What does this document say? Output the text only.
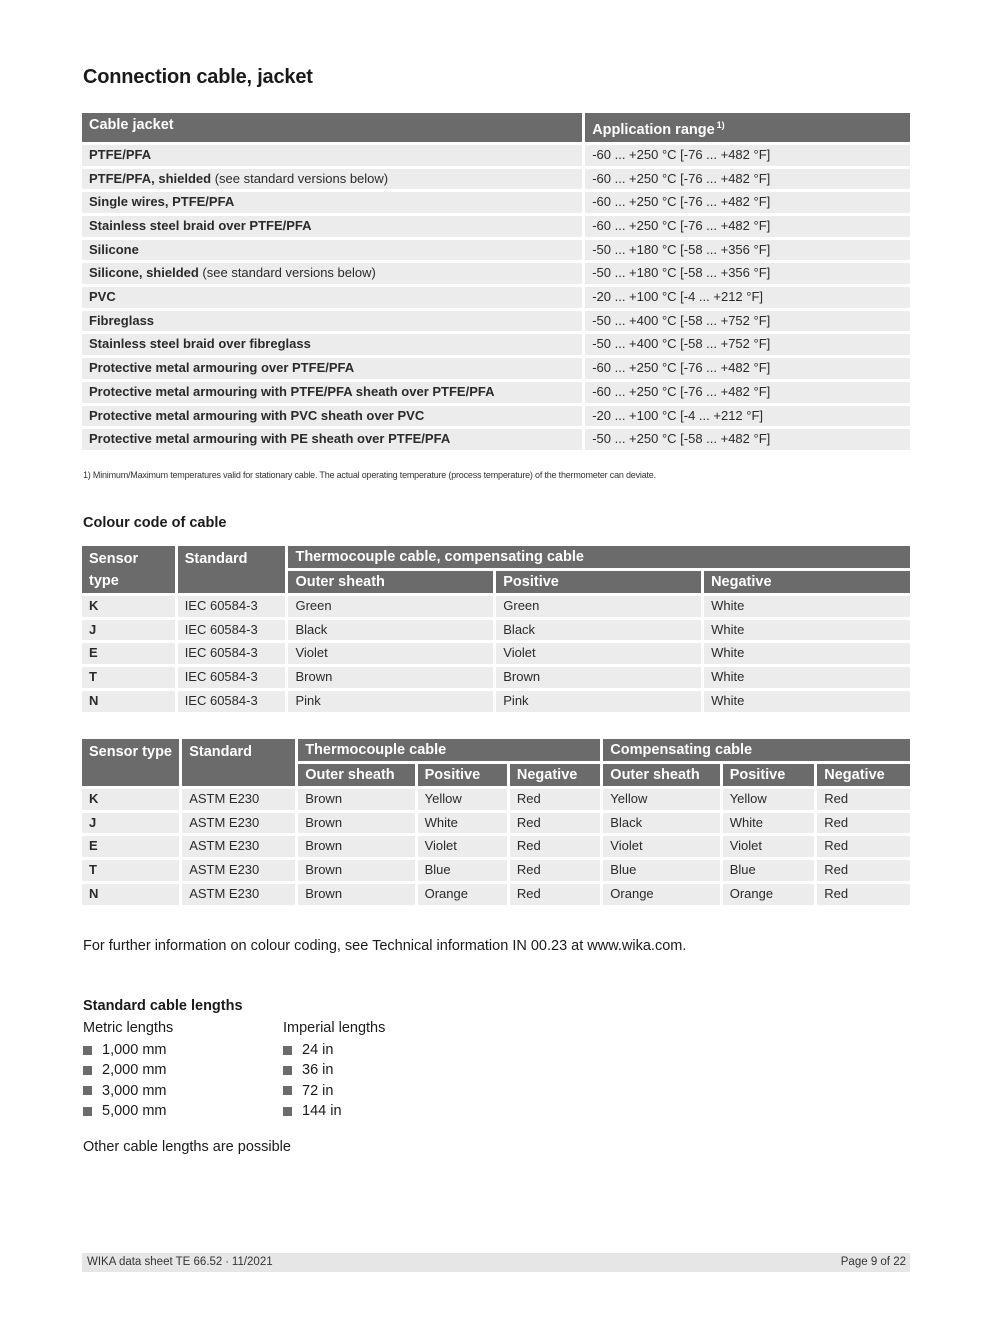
Connection cable, jacket
Cable jacket	Application range $^{1)}$
PTFE/PFA	-60 ... +250 °C [-76 ... +482 °F]
PTFE/PFA, shielded (see standard versions below)	-60 ... +250 °C [-76 ... +482 °F]
Single wires, PTFE/PFA	-60 ... +250 °C [-76 ... +482 °F]
Stainless steel braid over PTFE/PFA	-60 ... +250 °C [-76 ... +482 °F]
Silicone	-50 ... +180 °C [-58 ... +356 °F]
Silicone, shielded (see standard versions below)	-50 ... +180 °C [-58 ... +356 °F]
PVC	-20 ... +100 °C [-4 ... +212 °F]
Fibreglass	-50 ... +400 °C [-58 ... +752 °F]
Stainless steel braid over fibreglass	-50 ... +400 °C [-58 ... +752 °F]
Protective metal armouring over PTFE/PFA	-60 ... +250 °C [-76 ... +482 °F]
Protective metal armouring with PTFE/PFA sheath over PTFE/PFA	-60 ... +250 °C [-76 ... +482 °F]
Protective metal armouring with PVC sheath over PVC	-20 ... +100 °C [-4 ... +212 °F]
Protective metal armouring with PE sheath over PTFE/PFA	-50 ... +250 °C [-58 ... +482 °F]
1) Minimum/Maximum temperatures valid for stationary cable. The actual operating temperature (process temperature) of the thermometer can deviate.
Colour code of cable
Sensor type	Standard	Thermocouple cable, compensating cable		
		Outer sheath	Positive	Negative
K	IEC 60584-3	Green	Green	White
J	IEC 60584-3	Black	Black	White
E	IEC 60584-3	Violet	Violet	White
T	IEC 60584-3	Brown	Brown	White
N	IEC 60584-3	Pink	Pink	White
Sensor type	Standard	Thermocouple cable			Compensating cable		
		Outer sheath	Positive	Negative	Outer sheath	Positive	Negative
K	ASTM E230	Brown	Yellow	Red	Yellow	Yellow	Red
J	ASTM E230	Brown	White	Red	Black	White	Red
E	ASTM E230	Brown	Violet	Red	Violet	Violet	Red
T	ASTM E230	Brown	Blue	Red	Blue	Blue	Red
N	ASTM E230	Brown	Orange	Red	Orange	Orange	Red
For further information on colour coding, see Technical information IN 00.23 at www.wika.com.
Standard cable lengths
Metric lengths	Imperial lengths
1,000 mm
2,000 mm
3,000 mm
5,000 mm
24 in
36 in
72 in
144 in
Other cable lengths are possible
WIKA data sheet TE 66.52 ∙ 11/2021	Page 9 of 22
